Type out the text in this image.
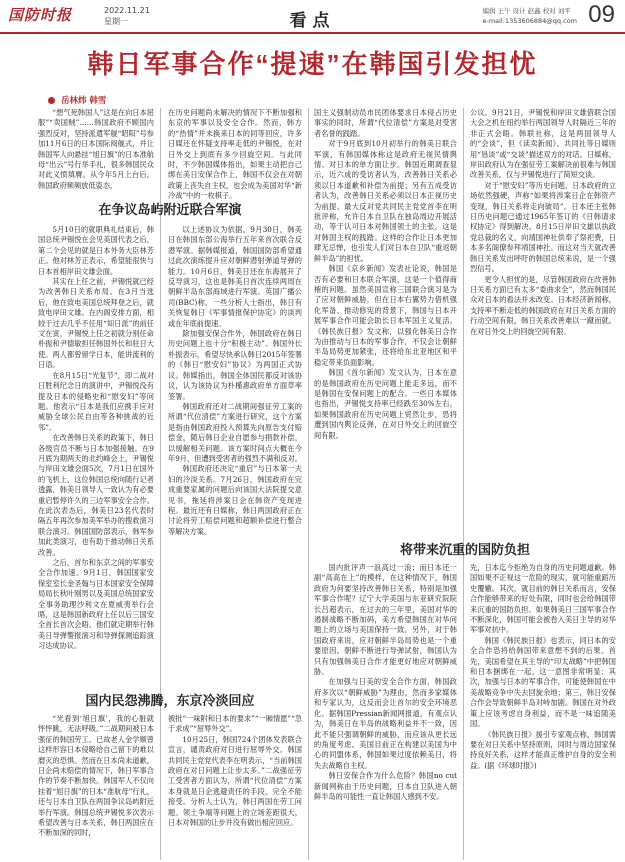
国防时报	2022.11.21
星期一	看点	编辑 王午 设计 赵鑫 校对 刘平
e-mail:1353606884@qq.com 09
韩日军事合作“提速”在韩国引发担忧
岳林炜 韩雪

“想气死韩国人”这是在向日本屈服”“卖国贼”……韩国政府不顾国内强烈反对，坚持派遣军舰“昭阳”号参加11月6日的日本国际阅舰式，并让韩国军人向悬挂“旭日旗”的日本准航母“出云”号行举手礼，很多韩国民众对此义愤填膺。从今年5月上台后，韩国政府频频放低姿态，

在历史问题尚未解决的情况下不断加强和东京的军事以及安全合作。然而，韩方的“热情”并未换来日本的同等回应，许多日媒还在怀疑支持率走低的尹锡悦，在对日外交上到底有多少回旋空间。与此同时，不少韩国媒体指出，如果主动把自己绑在美日安保合作上，韩国不仅会在对朝政策上丧失自主权，也会成为美国对华“新冷战”中的一枚棋子。

在争议岛屿附近联合军演

5月10日的就职典礼结束后，韩国总统尹锡悦在会见美国代表之后，第二个会见的就是日本外务大臣林芳正。他对林芳正表示，希望能很快与日本首相岸田文雄会面。

其实在上任之前，尹锡悦就已经为改善韩日关系布局。在3月当选后，他在致电美国总统拜登之后，就致电岸田文雄。在内阁安排方面，相较于过去几乎不任用“知日派”的前任文在寅，尹锡悦上任之初就分别任命朴振和尹德敏担任韩国外长和驻日大使。两人都曾留学日本，能讲流利的日语。

在8月15日“光复节”，即二战对日胜利纪念日的演讲中，尹锡悦没有提及日本的侵略史和“慰安妇”等问题。他表示“日本是我们应携手应对威胁全球公民自由等各种挑战的近邻”。

在改善韩日关系的政策下，韩日各级官员不断与日本加强接触。在9月底为期两天的北约峰会上，尹锡悦与岸田文雄会面5次，7月1日在国外的飞机上，这位韩国总统向随行记者透露，韩美日领导人一致认为有必要重启暂停许久的三边军事安全合作。在此次表态后，韩美日23名代表时隔五年再次参加美军举办的搜救演习联合演习。韩国国防部表示，韩军参加此类演习，也有助于推动韩日关系改善。

之后，首尔和东京之间的军事安全合作加速。9月1日，韩国国家安保室室长金圣翰与日本国家安全保障局局长秋叶刚男以及美国总统国家安全事务助理沙利文在夏威夷举行会晤，这是韩国新政府上任以后三国安全首长首次会晤。他们就定期举行韩美日导弹警报演习和导弹探测追踪演习达成协议。

以上述协议为依据，9月30日，韩美日在韩国东部公海举行五年来首次联合反潜军演。据韩媒报道，韩国国防部希望通过此次演练提升应对朝鲜潜射弹道导弹的能力。10月6日，韩美日还在东海展开了反导演习，这也是韩美日首次连续两周在朝鲜半岛东部海域进行军演。英国广播公司(BBC)称，一些分析人士指出，韩日有关恢复韩日《军事情报保护协定》的谈判或在年底前提速。

除加强安保合作外，韩国政府在韩日历史问题上也十分“积极主动”。韩国外长朴振表示，希望尽快承认韩日2015年签署的《韩日“慰安妇”协议》为两国正式协议。韩媒指出，韩国全体国民都反对该协议，认为该协议为朴槿惠政府单方面草率签署。

韩国政府还对二战期间强征劳工案的所谓“代位清偿”方案进行研究，这个方案是指由韩国政府投入预算先向原告支付赔偿金，随后韩日企业自愿参与捐款补偿，以缓解相关问题。该方案时间点大概在今年9月，但遭到受害者的强烈不满和反对。

韩国政府还决定“重启”与日本第一夫妇的冷淡关系。7月26日，韩国政府在完成重要家属的问题后向该国大法院提交意见书，拖延将涉案日企在韩资产变现进程。最近还有日媒称，韩日两国政府正在讨论将劳工赔偿问题和超额补偿进行整合等解决方案。

国内民怨沸腾，东京冷淡回应

“光看到‘旭日旗’，我的心脏就怦怦跳，无法呼吸。”二战期间被日本强征的韩国劳工、已故老人金学顺曾这样形容日本侵略给自己留下的难以磨灭的恐惧。然而在日本尚未道歉，日企尚未赔偿的情况下，韩日军事合作的节奏不断加快。韩国军人不仅向挂着“旭日旗”的日本“准航母”行礼，还与日本自卫队在两国争议岛屿附近举行军演。韩国总统尹锡悦多次表示希望改善与日本关系，韩日两国应在不断加深的同时，

被批“一味附和日本的要求”“一厢情愿”“急于求成”“屈辱外交”。

10月25日，韩国724个团体发表联合宣言，谴责政府对日进行屈辱外交。韩国共同民主党党代表李在明表示，“当前韩国政府在对日问题上让步太多。”二战强征劳工受害者方面认为，所谓“代位清偿”方案本身就是日企逃避责任的手段，完全不能接受。分析人士认为，韩日两国在劳工问题、领土争端等问题上的立场差距很大，日本对韩国的让步并没有做出相应回应。

国主义强制动员市民团体要求日本侵占历史事实的同时，所谓“代位清偿”方案是对受害者名誉的践踏。

对于9月底到10月初举行的韩美日联合军演，有韩国媒体称这是政府无视民情舆情、对日本的单方面让步。韩国近期调查显示，近六成的受访者认为，改善韩日关系必须以日本道歉和补偿为前提；另有五成受访者认为，改善韩日关系必须以日本正视历史为前提。最大反对党共同民主党党首李在明批评称，允许日本自卫队在独岛周边开展活动，等于认可日本对韩国领土的主张，这是对韩国主权的践踏。这样的合作让日本更加肆无忌惮，也引发人们对日本自卫队“重返朝鲜半岛”的担忧。

韩国《京乡新闻》发表社论说，韩国是否有必要和日本联合军演，这是一个值得商榷的问题。虽然美国宣称三国联合演习是为了应对朝鲜威胁，但在日本右翼势力借机强化军备、推动修宪的背景下，韩国与日本开展军事合作可能会助长日本军国主义复活。《韩民族日报》发文称，以强化韩美日合作为由推动与日本的军事合作，不仅会让朝鲜半岛局势更加紧张，还将给东北亚地区和平稳定带来负面影响。

韩国《首尔新闻》发文认为，日本在意的是韩国政府在历史问题上能走多远，而不是韩国在安保问题上的配合。一些日本媒体也指出，尹锡悦支持率已经跌至30%左右，如果韩国政府在历史问题上贸然让步，恐将遭到国内舆论反弹，在对日外交上的回旋空间有限。

公议。9月21日，尹锡悦和岸田文雄借联合国大会之机在纽约举行两国领导人时隔近三年的非正式会晤。韩联社称，这是两国领导人的“会谈”，但《读卖新闻》、共同社等日媒则用“恳谈”或“交谈”描述双方的对话。日媒称，岸田政府认为在强征劳工案解决前很难与韩国改善关系，仅与尹锡悦进行了简短交谈。

对于“慰安妇”等历史问题，日本政府的立场依然强硬，声称“如果将涉案日企在韩资产变现，韩日关系将走向破局”。日本还主张韩日历史问题已通过1965年签订的《日韩请求权协定》得到解决。8月15日岸田文雄以执政党总裁的名义，向靖国神社供奉了祭祀费，日本多名阁僚参拜靖国神社。而这对当天就改善韩日关系发出呼吁的韩国总统来说，是一个强烈信号。

更令人担忧的是，尽管韩国政府在改善韩日关系方面已有太多“委曲求全”，然而韩国民众对日本的看法并未改变。日本经济新闻称，支持率不断走低的韩国政府在对日关系方面的行动空间有限，韩日关系改善难以一蹴而就。在对日外交上的回旋空间有限。

将带来沉重的国防负担

国内批评声一浪高过一浪；而日本还一副“高高在上”的模样，在这种情况下，韩国政府为何要坚持改善韩日关系，特别是加强军事合作呢？辽宁大学美国与东亚研究院院长吕超表示，在过去的三年里，美国对华的遏制战略不断加码，美方希望韩国在对华问题上的立场与美国保持一致。另外，对于韩国政府来说，应对朝鲜半岛局势也是一个重要原因。朝鲜不断进行导弹试射，韩国认为只有加强韩美日合作才能更好地应对朝鲜威胁。

在加强与日美的安全合作方面，韩国政府多次以“朝鲜威胁”为理由，然而多家媒体和专家认为，这反而会让首尔的安全环境恶化。据韩国Pressian新闻网报道，有观点认为，韩美日在半岛的战略利益并不一致，因此不能只强调朝鲜的威胁，而应该从更长远的角度考虑。美国目前正在构建以美国为中心的同盟体系，韩国如果过度依赖美日，将失去战略自主权。

韩日安保合作为什么危险？韩国no cut新闻网称由于历史问题，日本自卫队进入朝鲜半岛的可能性一直让韩国人感到不安。

先，日本迄今拒绝为自身的历史问题道歉。韩国如果不正视这一危险的现实，就可能重蹈历史覆辙。其次，就目前的韩日关系而言，安保合作能够带来的好处有限，同时也会给韩国带来沉重的国防负担。如果韩美日三国军事合作不断深化，韩国可能会被卷入美日主导的对华军事对抗中。

韩国《韩民族日报》也表示，同日本的安全合作恐将给韩国带来意想不到的后果。首先，美国希望在其主导的“印太战略”中把韩国和日本捆绑在一起，这一意图非常明显；其次，加强与日本的军事合作，可能使韩国在中美战略竞争中失去回旋余地；第三，韩日安保合作会导致朝鲜半岛对峙加剧。韩国在对外政策上应该考虑自身利益，而不是一味追随美国。

《韩民族日报》援引专家观点称，韩国需要在对日关系中坚持原则，同时与周边国家保持良好关系，这样才能真正维护自身的安全利益。(据《环球时报》)
